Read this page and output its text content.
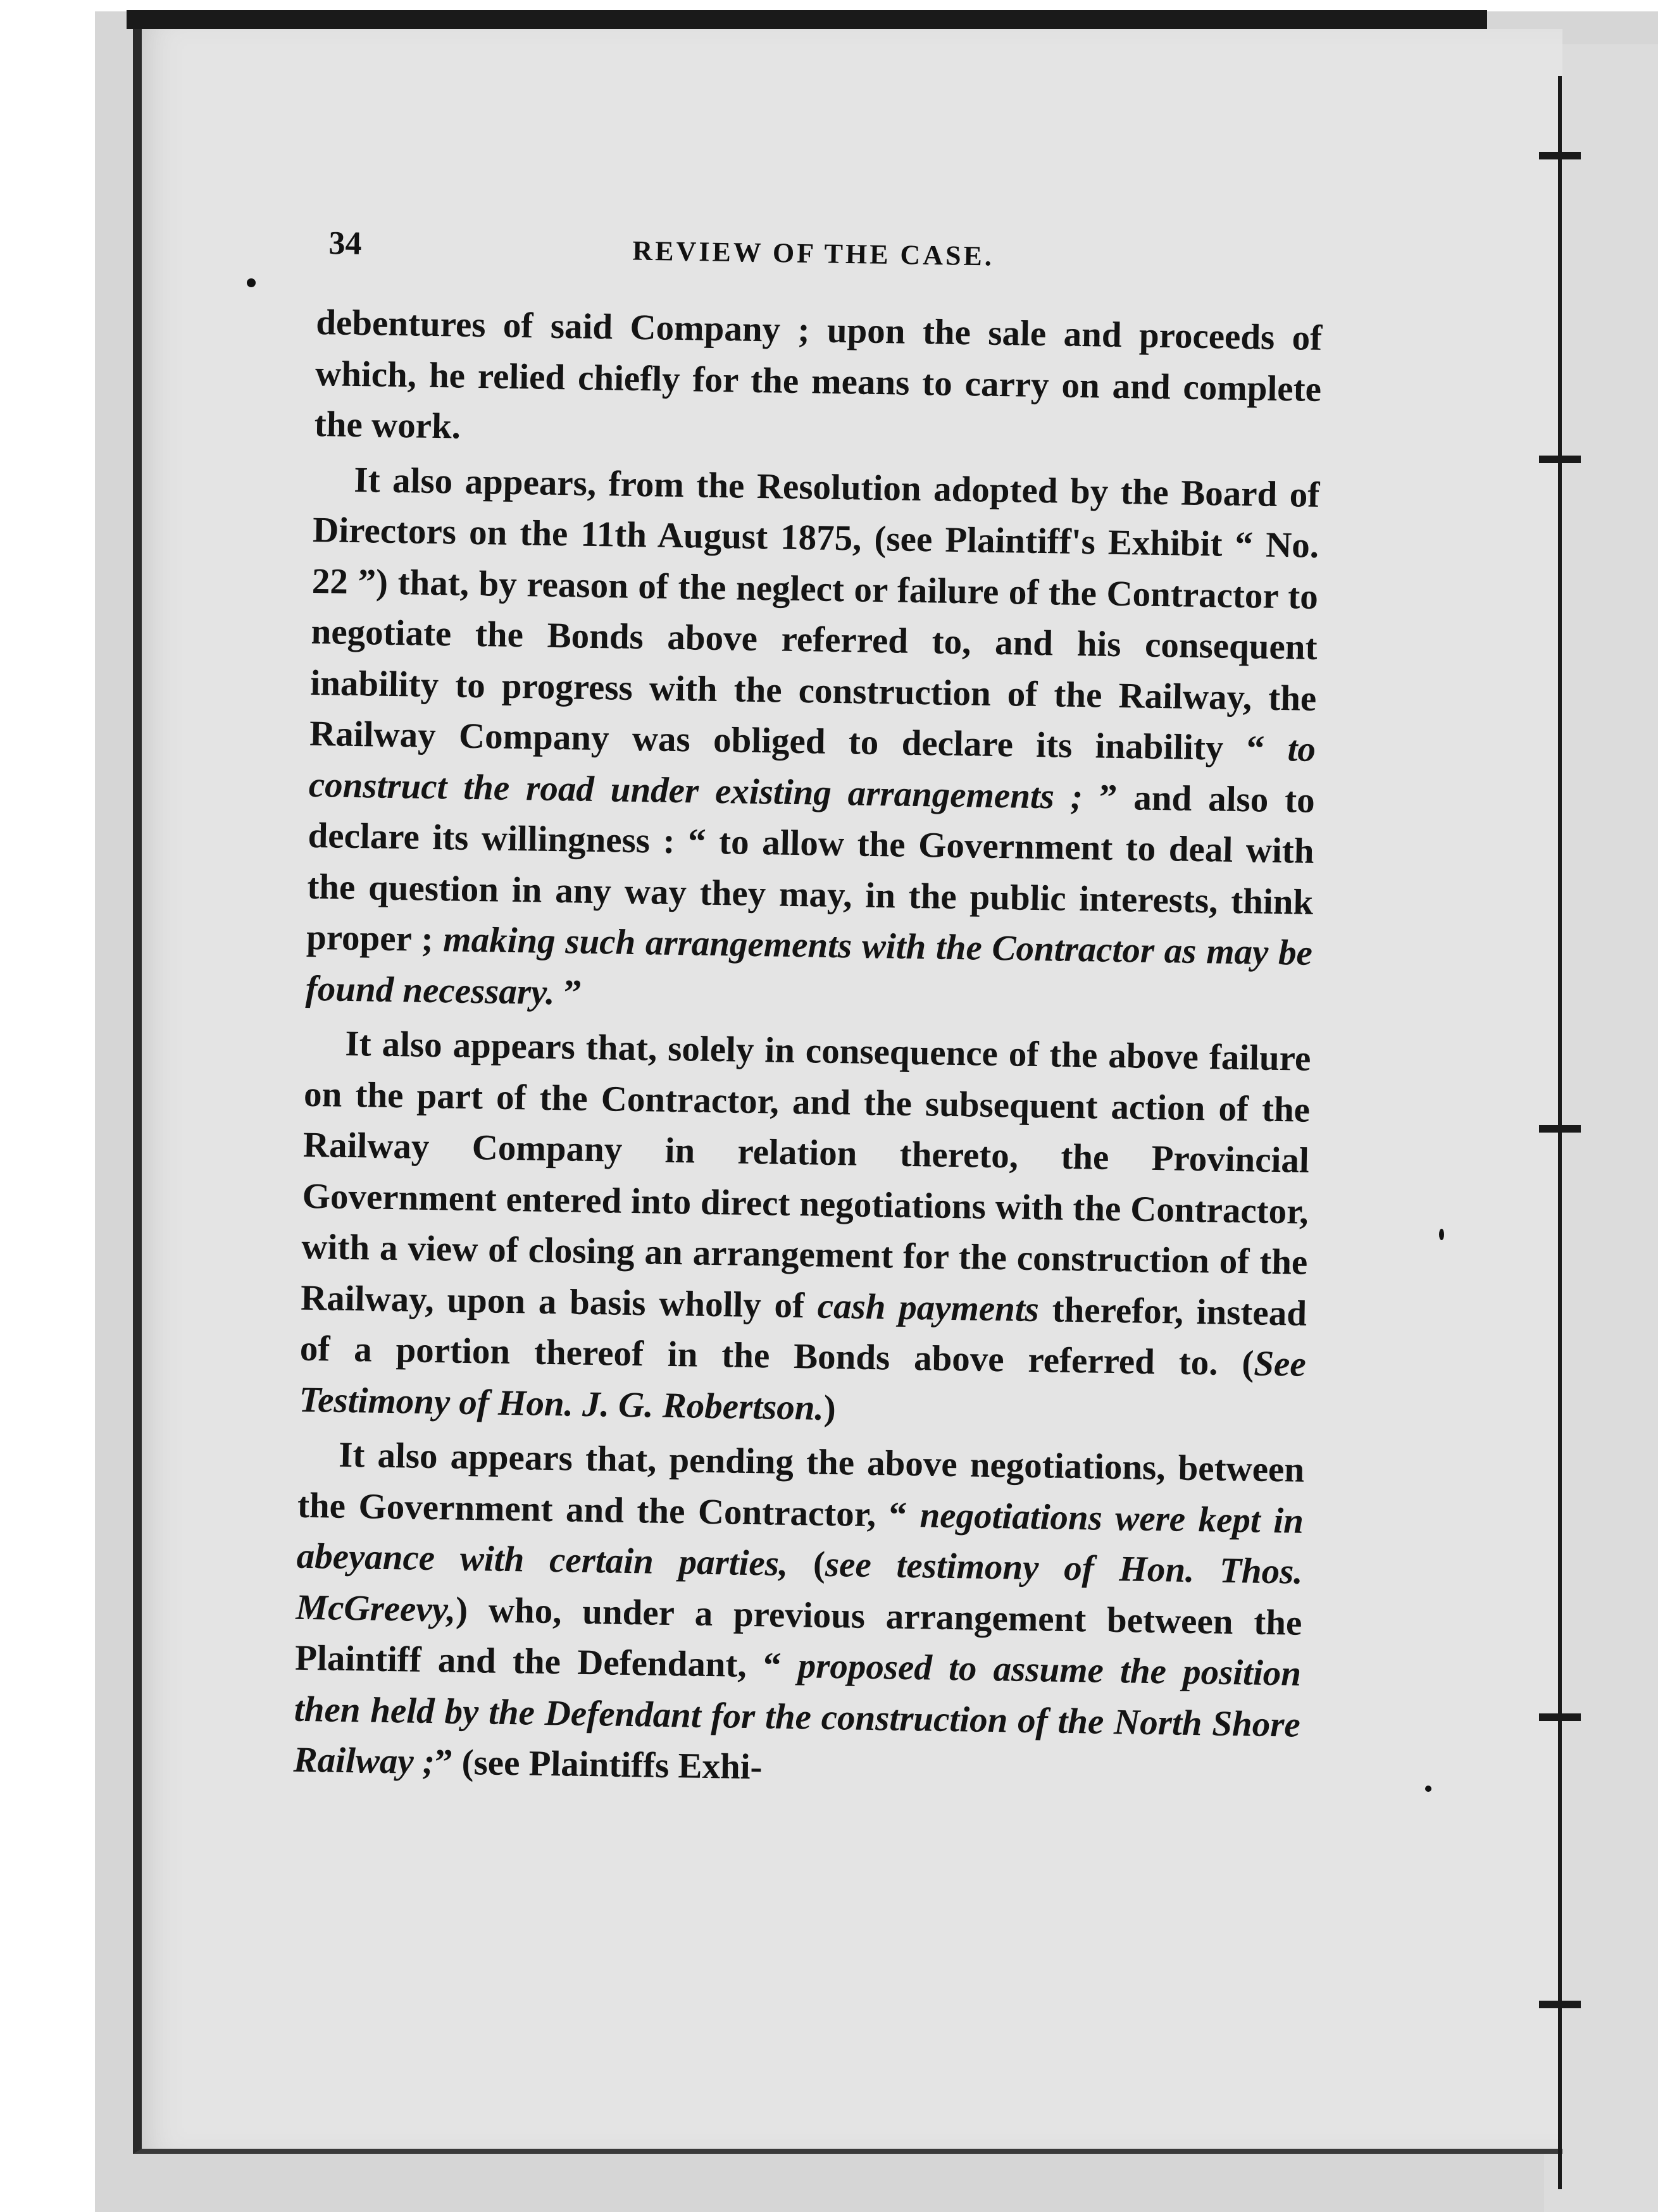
34	REVIEW OF THE CASE.

debentures of said Company ; upon the sale and proceeds of which, he relied chiefly for the means to carry on and complete the work.

It also appears, from the Resolution adopted by the Board of Directors on the 11th August 1875, (see Plaintiff's Exhibit “ No. 22 ”) that, by reason of the neglect or failure of the Contractor to negotiate the Bonds above referred to, and his consequent inability to progress with the construction of the Railway, the Railway Company was obliged to declare its inability “ to construct the road under existing arrangements ; ” and also to declare its willingness : “ to allow the Government to deal with the question in any way they may, in the public interests, think proper ; making such arrangements with the Contractor as may be found necessary. ”

It also appears that, solely in consequence of the above failure on the part of the Contractor, and the subsequent action of the Railway Company in relation thereto, the Provincial Government entered into direct negotiations with the Contractor, with a view of closing an arrangement for the construction of the Railway, upon a basis wholly of cash payments therefor, instead of a portion thereof in the Bonds above referred to. (See Testimony of Hon. J. G. Robertson.)

It also appears that, pending the above negotiations, between the Government and the Contractor, “ negotiations were kept in abeyance with certain parties, (see testimony of Hon. Thos. McGreevy,) who, under a previous arrangement between the Plaintiff and the Defendant, “ proposed to assume the position then held by the Defendant for the construction of the North Shore Railway ;” (see Plaintiffs Exhi-
